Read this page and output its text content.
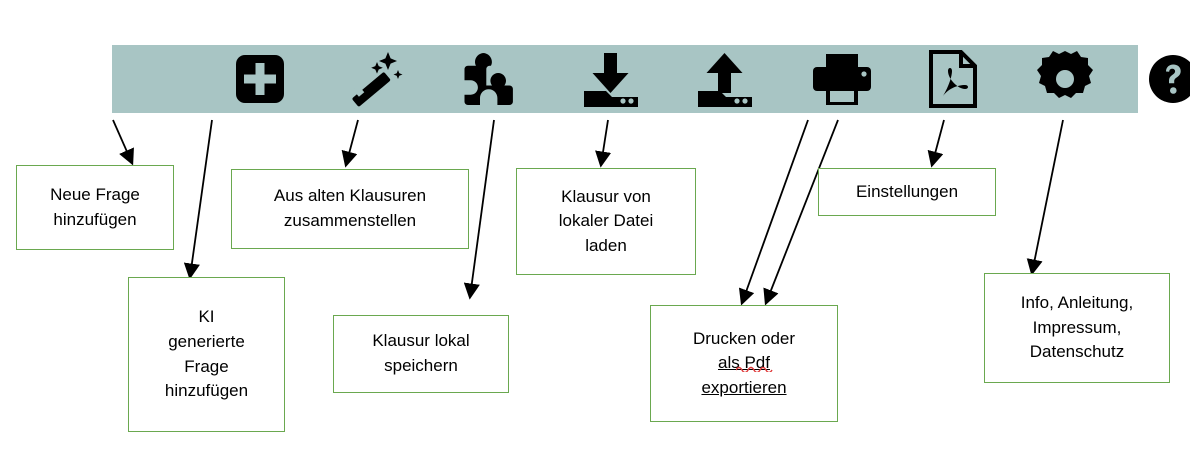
Neue Frage
hinzufügen
KI
generierte
Frage
hinzufügen
Aus alten Klausuren
zusammenstellen
Klausur lokal
speichern
Klausur von
lokaler Datei
laden
Drucken oder
als Pdf
exportieren
Einstellungen
Info, Anleitung,
Impressum,
Datenschutz
